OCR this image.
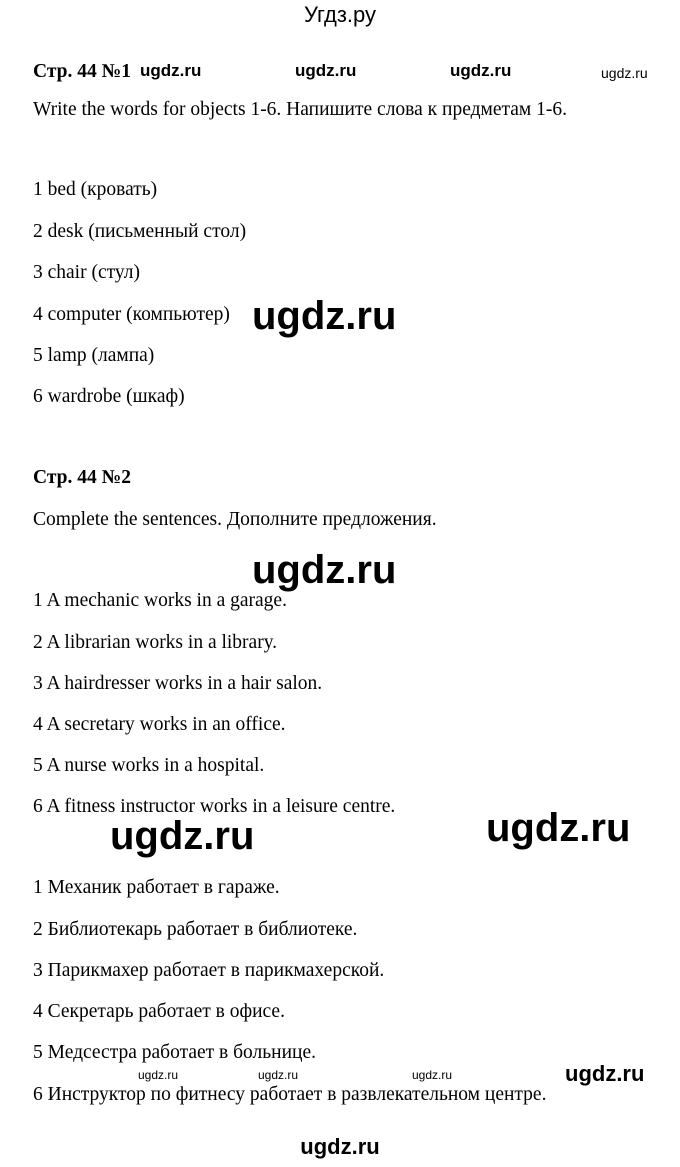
Угдз.ру
Стр. 44 №1 ugdz.ru	ugdz.ru	ugdz.ru	ugdz.ru
Write the words for objects 1-6. Напишите слова к предметам 1-6.
1 bed (кровать)
2 desk (письменный стол)
3 chair (стул)
4 computer (компьютер)
5 lamp (лампа)
6 wardrobe (шкаф)
ugdz.ru
Стр. 44 №2
Complete the sentences. Дополните предложения.
ugdz.ru
1 A mechanic works in a garage.
2 A librarian works in a library.
3 A hairdresser works in a hair salon.
4 A secretary works in an office.
5 A nurse works in a hospital.
6 A fitness instructor works in a leisure centre.
ugdz.ru	ugdz.ru
1 Механик работает в гараже.
2 Библиотекарь работает в библиотеке.
3 Парикмахер работает в парикмахерской.
4 Секретарь работает в офисе.
5 Медсестра работает в больнице.
6 Инструктор по фитнесу работает в развлекательном центре.
ugdz.ru	ugdz.ru	ugdz.ru	ugdz.ru
ugdz.ru
